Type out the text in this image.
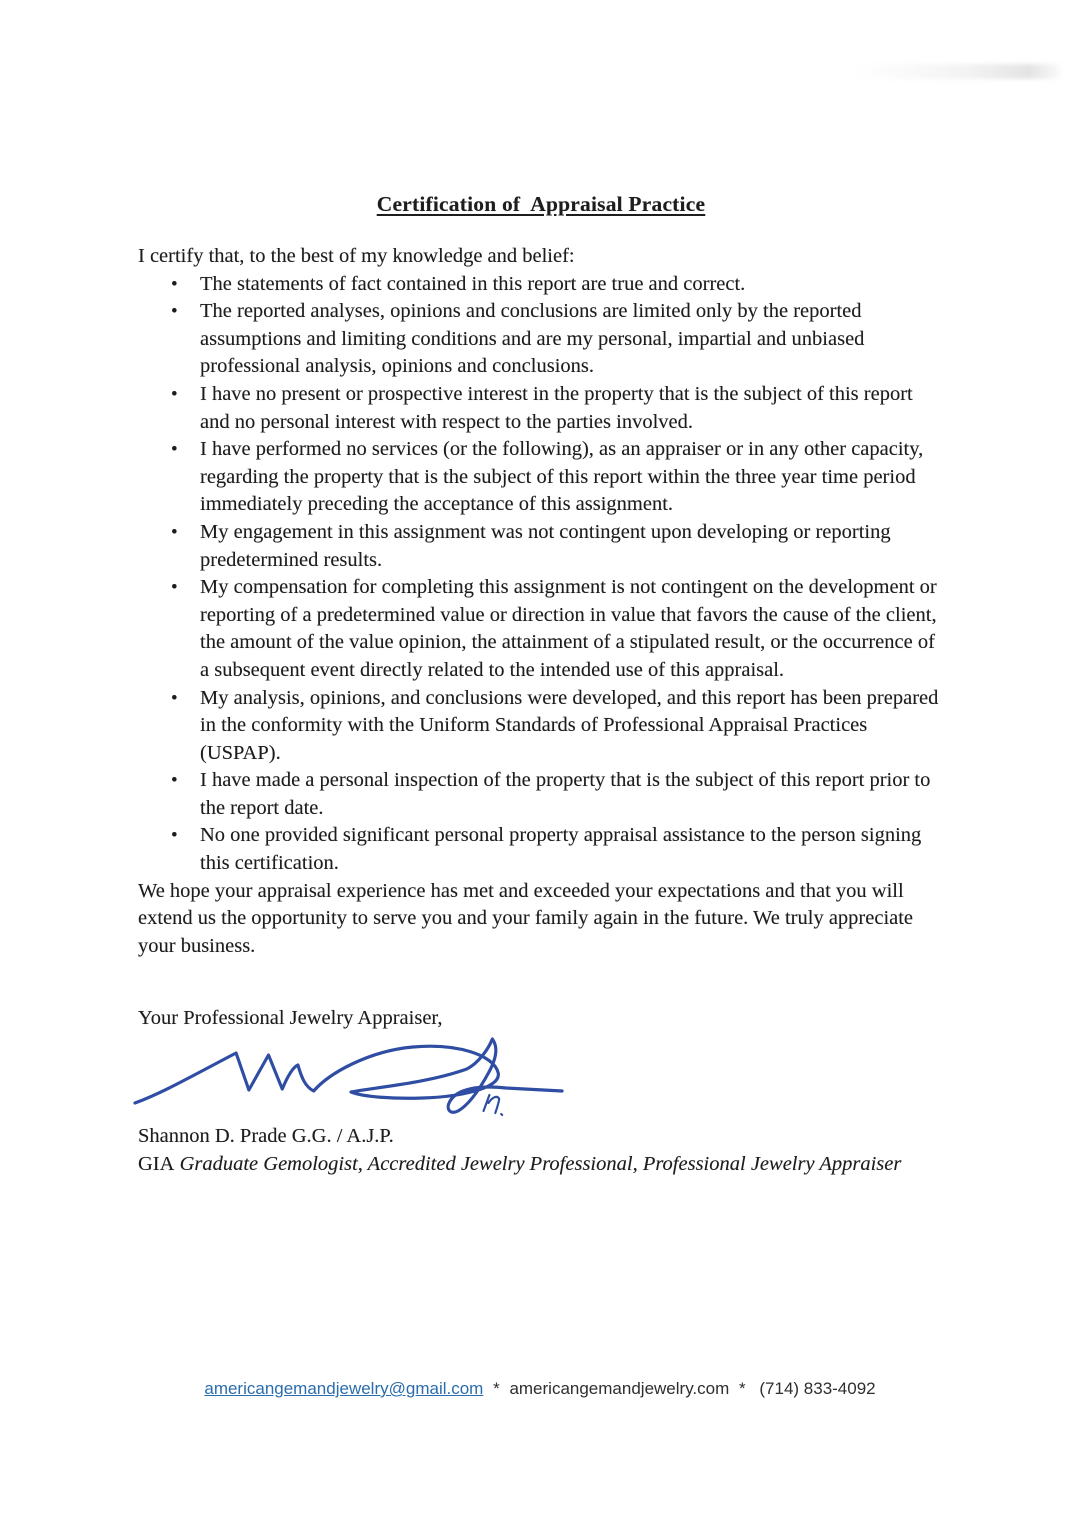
Certification of  Appraisal Practice

I certify that, to the best of my knowledge and belief:

• The statements of fact contained in this report are true and correct.
• The reported analyses, opinions and conclusions are limited only by the reported assumptions and limiting conditions and are my personal, impartial and unbiased professional analysis, opinions and conclusions.
• I have no present or prospective interest in the property that is the subject of this report and no personal interest with respect to the parties involved.
• I have performed no services (or the following), as an appraiser or in any other capacity, regarding the property that is the subject of this report within the three year time period immediately preceding the acceptance of this assignment.
• My engagement in this assignment was not contingent upon developing or reporting predetermined results.
• My compensation for completing this assignment is not contingent on the development or reporting of a predetermined value or direction in value that favors the cause of the client, the amount of the value opinion, the attainment of a stipulated result, or the occurrence of a subsequent event directly related to the intended use of this appraisal.
• My analysis, opinions, and conclusions were developed, and this report has been prepared in the conformity with the Uniform Standards of Professional Appraisal Practices (USPAP).
• I have made a personal inspection of the property that is the subject of this report prior to the report date.
• No one provided significant personal property appraisal assistance to the person signing this certification.

We hope your appraisal experience has met and exceeded your expectations and that you will extend us the opportunity to serve you and your family again in the future. We truly appreciate your business.

Your Professional Jewelry Appraiser,

Shannon D. Prade G.G. / A.J.P.

GIA Graduate Gemologist, Accredited Jewelry Professional, Professional Jewelry Appraiser

americangemandjewelry@gmail.com * americangemandjewelry.com * (714) 833-4092
